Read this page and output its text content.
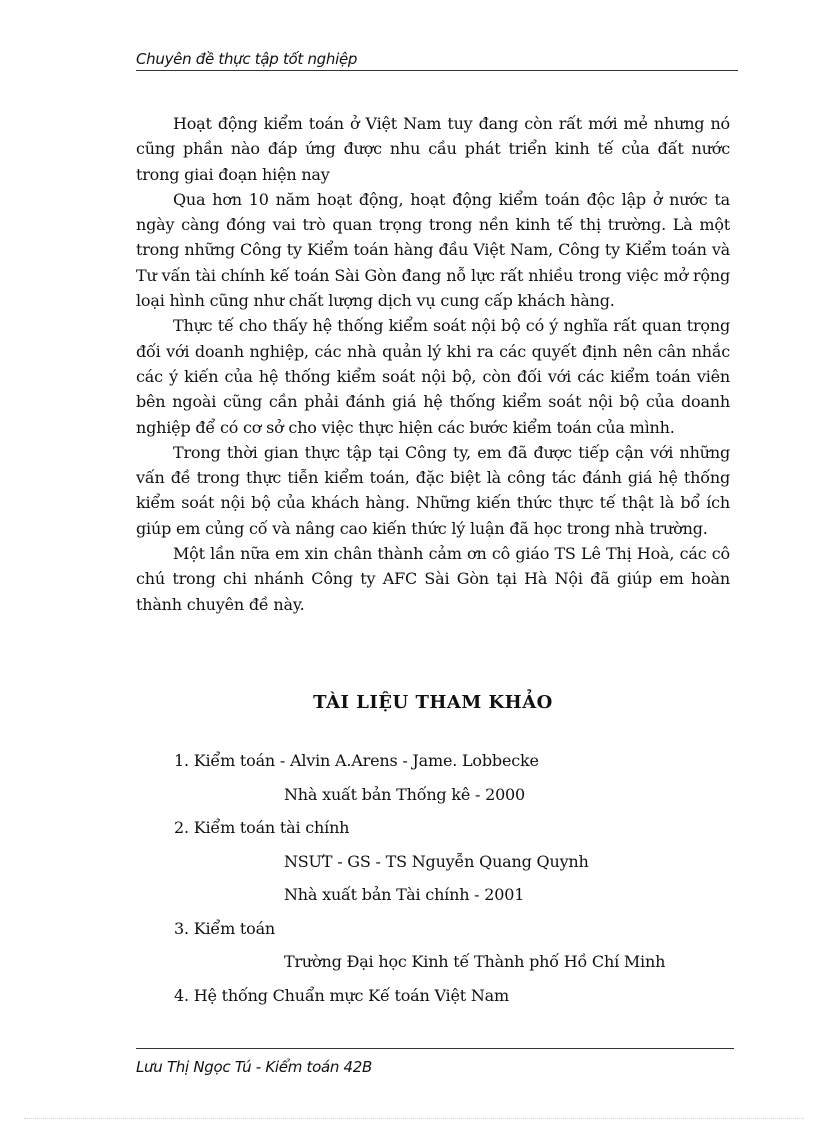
Chuyên đề thực tập tốt nghiệp

Hoạt động kiểm toán ở Việt Nam tuy đang còn rất mới mẻ nhưng nó cũng phần nào đáp ứng được nhu cầu phát triển kinh tế của đất nước trong giai đoạn hiện nay

Qua hơn 10 năm hoạt động, hoạt động kiểm toán độc lập ở nước ta ngày càng đóng vai trò quan trọng trong nền kinh tế thị trường. Là một trong những Công ty Kiểm toán hàng đầu Việt Nam, Công ty Kiểm toán và Tư vấn tài chính kế toán Sài Gòn đang nỗ lực rất nhiều trong việc mở rộng loại hình cũng như chất lượng dịch vụ cung cấp khách hàng.

Thực tế cho thấy hệ thống kiểm soát nội bộ có ý nghĩa rất quan trọng đối với doanh nghiệp, các nhà quản lý khi ra các quyết định nên cân nhắc các ý kiến của hệ thống kiểm soát nội bộ, còn đối với các kiểm toán viên bên ngoài cũng cần phải đánh giá hệ thống kiểm soát nội bộ của doanh nghiệp để có cơ sở cho việc thực hiện các bước kiểm toán của mình.

Trong thời gian thực tập tại Công ty, em đã được tiếp cận với những vấn đề trong thực tiễn kiểm toán, đặc biệt là công tác đánh giá hệ thống kiểm soát nội bộ của khách hàng. Những kiến thức thực tế thật là bổ ích giúp em củng cố và nâng cao kiến thức lý luận đã học trong nhà trường.

Một lần nữa em xin chân thành cảm ơn cô giáo TS Lê Thị Hoà, các cô chú trong chi nhánh Công ty AFC Sài Gòn tại Hà Nội đã giúp em hoàn thành chuyên đề này.

TÀI LIỆU THAM KHẢO
1. Kiểm toán - Alvin A.Arens - Jame. Lobbecke
Nhà xuất bản Thống kê - 2000
2. Kiểm toán tài chính
NSƯT - GS - TS Nguyễn Quang Quynh
Nhà xuất bản Tài chính - 2001
3. Kiểm toán
Trường Đại học Kinh tế Thành phố Hồ Chí Minh
4. Hệ thống Chuẩn mực Kế toán Việt Nam
Lưu Thị Ngọc Tú - Kiểm toán 42B
